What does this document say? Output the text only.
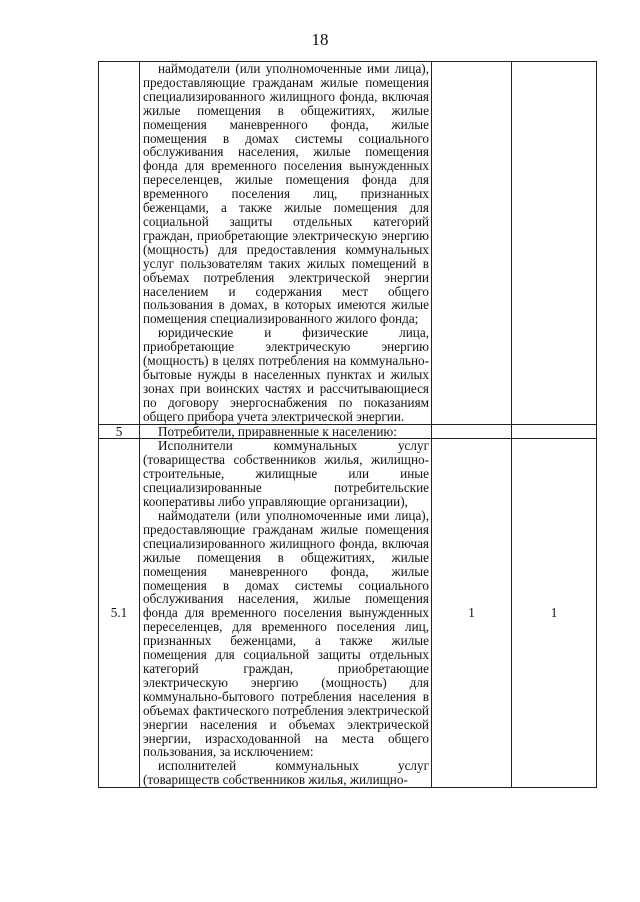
18

	наймодатели (или уполномоченные ими лица), предоставляющие гражданам жилые помещения специализированного жилищного фонда, включая жилые помещения в общежитиях, жилые помещения маневренного фонда, жилые помещения в домах системы социального обслуживания населения, жилые помещения фонда для временного поселения вынужденных переселенцев, жилые помещения фонда для временного поселения лиц, признанных беженцами, а также жилые помещения для социальной защиты отдельных категорий граждан, приобретающие электрическую энергию (мощность) для предоставления коммунальных услуг пользователям таких жилых помещений в объемах потребления электрической энергии населением и содержания мест общего пользования в домах, в которых имеются жилые помещения специализированного жилого фонда;
юридические и физические лица, приобретающие электрическую энергию (мощность) в целях потребления на коммунально-бытовые нужды в населенных пунктах и жилых зонах при воинских частях и рассчитывающиеся по договору энергоснабжения по показаниям общего прибора учета электрической энергии.		

5	Потребители, приравненные к населению:		

5.1	Исполнители коммунальных услуг (товарищества собственников жилья, жилищно-строительные, жилищные или иные специализированные потребительские кооперативы либо управляющие организации),
наймодатели (или уполномоченные ими лица), предоставляющие гражданам жилые помещения специализированного жилищного фонда, включая жилые помещения в общежитиях, жилые помещения маневренного фонда, жилые помещения в домах системы социального обслуживания населения, жилые помещения фонда для временного поселения вынужденных переселенцев, для временного поселения лиц, признанных беженцами, а также жилые помещения для социальной защиты отдельных категорий граждан, приобретающие электрическую энергию (мощность) для коммунально-бытового потребления населения в объемах фактического потребления электрической энергии населения и объемах электрической энергии, израсходованной на места общего пользования, за исключением:
исполнителей коммунальных услуг (товариществ собственников жилья, жилищно-	1	1
